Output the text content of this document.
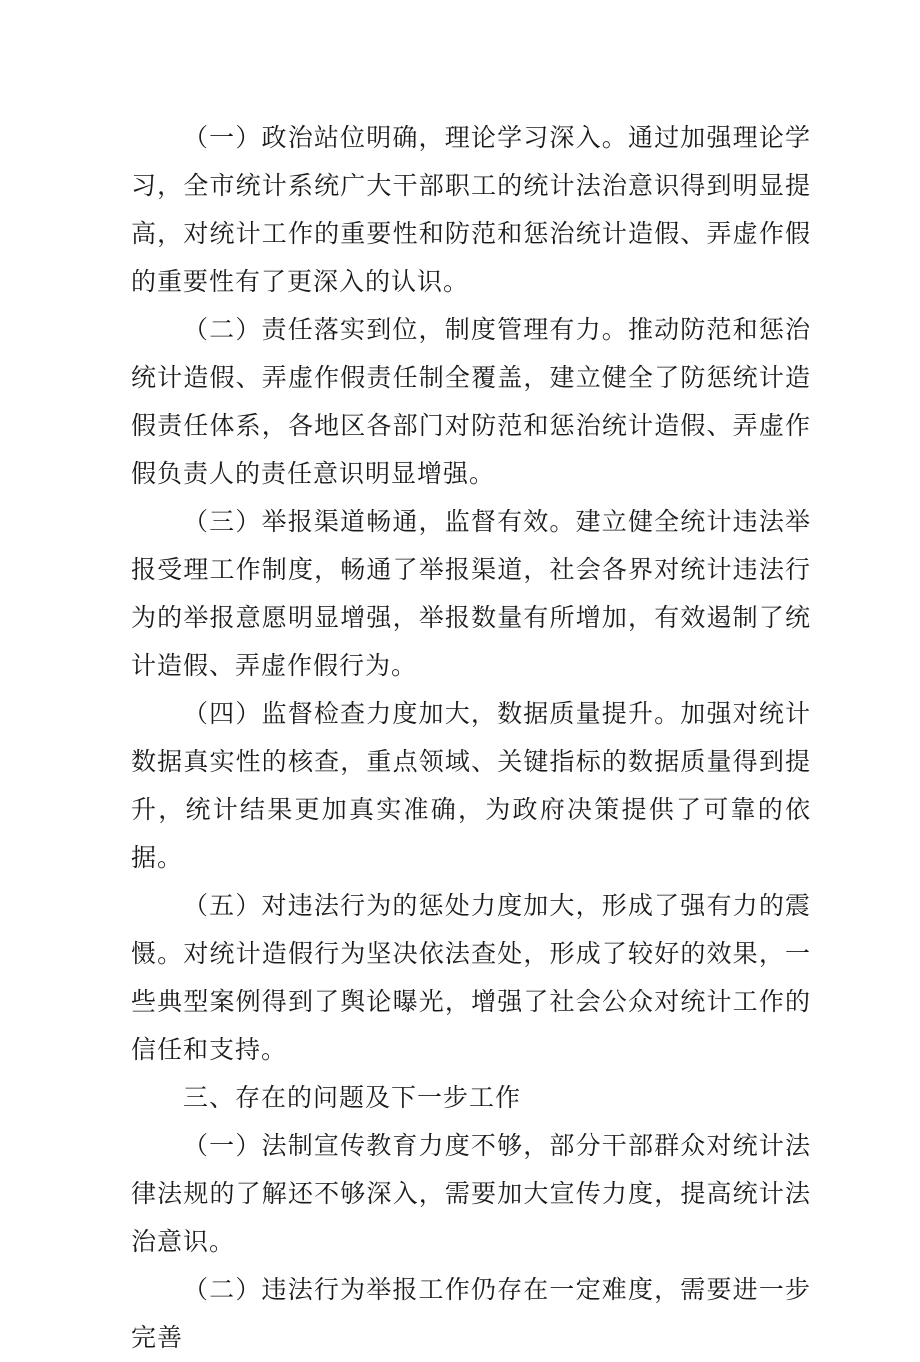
（一）政治站位明确，理论学习深入。通过加强理论学习，全市统计系统广大干部职工的统计法治意识得到明显提高，对统计工作的重要性和防范和惩治统计造假、弄虚作假的重要性有了更深入的认识。

（二）责任落实到位，制度管理有力。推动防范和惩治统计造假、弄虚作假责任制全覆盖，建立健全了防惩统计造假责任体系，各地区各部门对防范和惩治统计造假、弄虚作假负责人的责任意识明显增强。

（三）举报渠道畅通，监督有效。建立健全统计违法举报受理工作制度，畅通了举报渠道，社会各界对统计违法行为的举报意愿明显增强，举报数量有所增加，有效遏制了统计造假、弄虚作假行为。

（四）监督检查力度加大，数据质量提升。加强对统计数据真实性的核查，重点领域、关键指标的数据质量得到提升，统计结果更加真实准确，为政府决策提供了可靠的依据。

（五）对违法行为的惩处力度加大，形成了强有力的震慑。对统计造假行为坚决依法查处，形成了较好的效果，一些典型案例得到了舆论曝光，增强了社会公众对统计工作的信任和支持。

三、存在的问题及下一步工作

（一）法制宣传教育力度不够，部分干部群众对统计法律法规的了解还不够深入，需要加大宣传力度，提高统计法治意识。

（二）违法行为举报工作仍存在一定难度，需要进一步完善
